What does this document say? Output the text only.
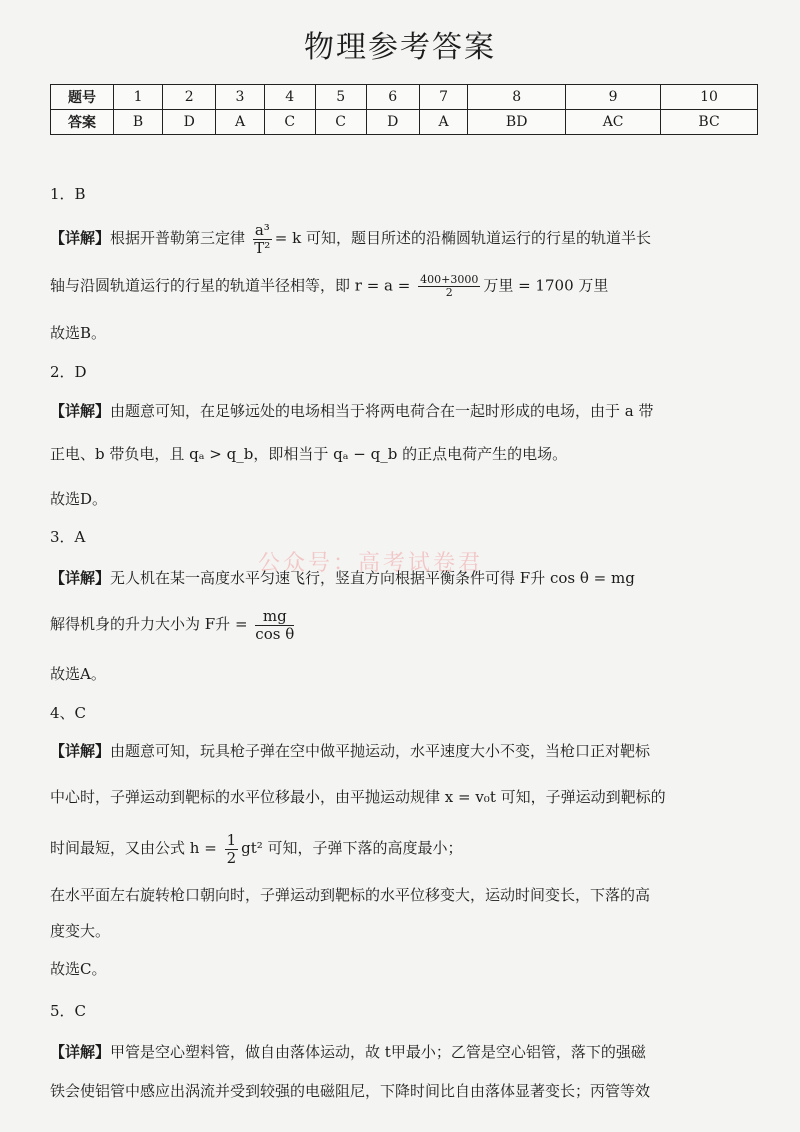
物理参考答案
题号	1	2	3	4	5	6	7	8	9	10
答案	B	D	A	C	C	D	A	BD	AC	BC
1．B
【详解】根据开普勒第三定律 $\frac{\text{a³}}{\text{T²}} = k$ 可知，题目所述的沿椭圆轨道运行的行星的轨道半长
轴与沿圆轨道运行的行星的轨道半径相等，即 $r = a = \frac{400+3000}{2}$ 万里 = 1700 万里
故选B。
2．D
【详解】由题意可知，在足够远处的电场相当于将两电荷合在一起时形成的电场，由于 a 带
正电、b 带负电，且 qₐ > q_b，即相当于 qₐ − q_b 的正点电荷产生的电场。
故选D。
3．A
公众号：高考试卷君
【详解】无人机在某一高度水平匀速飞行，竖直方向根据平衡条件可得 F升 cos θ = mg
解得机身的升力大小为 F升 = $\frac{mg}{\text{cos θ}}$
故选A。
4、C
【详解】由题意可知，玩具枪子弹在空中做平抛运动，水平速度大小不变，当枪口正对靶标
中心时，子弹运动到靶标的水平位移最小，由平抛运动规律 x = v₀t 可知，子弹运动到靶标的
时间最短，又由公式 $h = \frac{1}{2} gt^2$ 可知，子弹下落的高度最小；
在水平面左右旋转枪口朝向时，子弹运动到靶标的水平位移变大，运动时间变长，下落的高
度变大。
故选C。
5．C
【详解】甲管是空心塑料管，做自由落体运动，故 t甲最小；乙管是空心铝管，落下的强磁
铁会使铝管中感应出涡流并受到较强的电磁阻尼，下降时间比自由落体显著变长；丙管等效
